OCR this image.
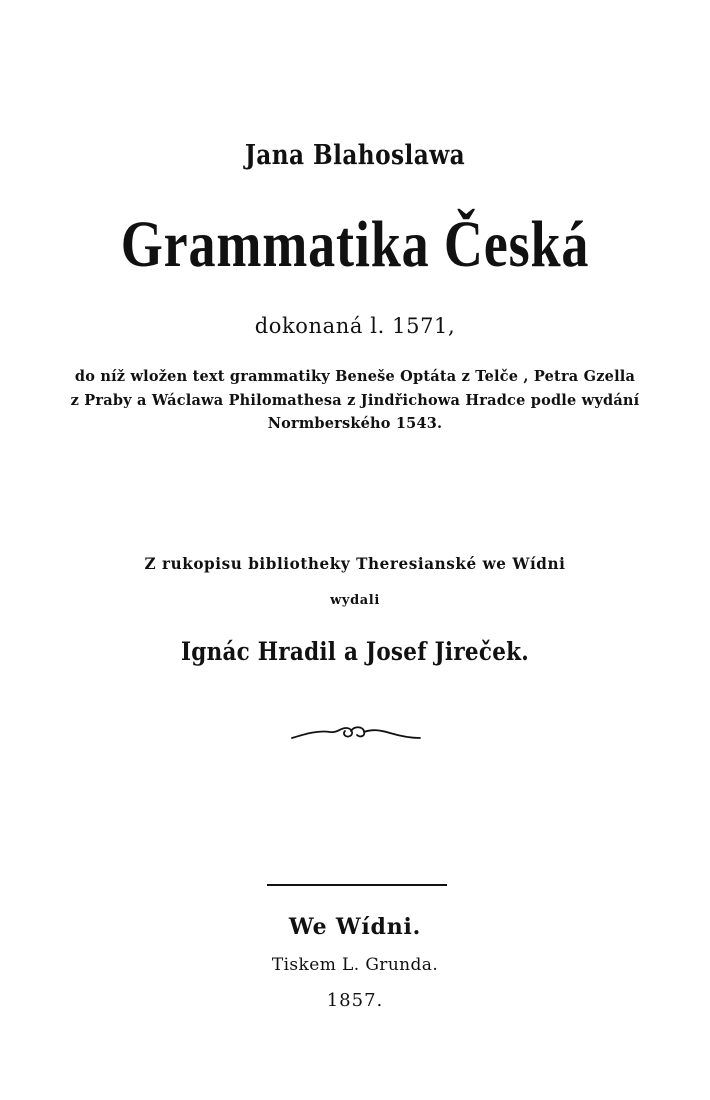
Jana Blahoslawa
Grammatika Česká
dokonaná l. 1571,
do níž wložen text grammatiky Beneše Optáta z Telče , Petra Gzella
z Praby a Wáclawa Philomathesa z Jindřichowa Hradce podle wydání
Normberského 1543.
Z rukopisu bibliotheky Theresianské we Wídni
wydali
Ignác Hradil a Josef Jireček.
We Wídni.
Tiskem L. Grunda.
1857.
